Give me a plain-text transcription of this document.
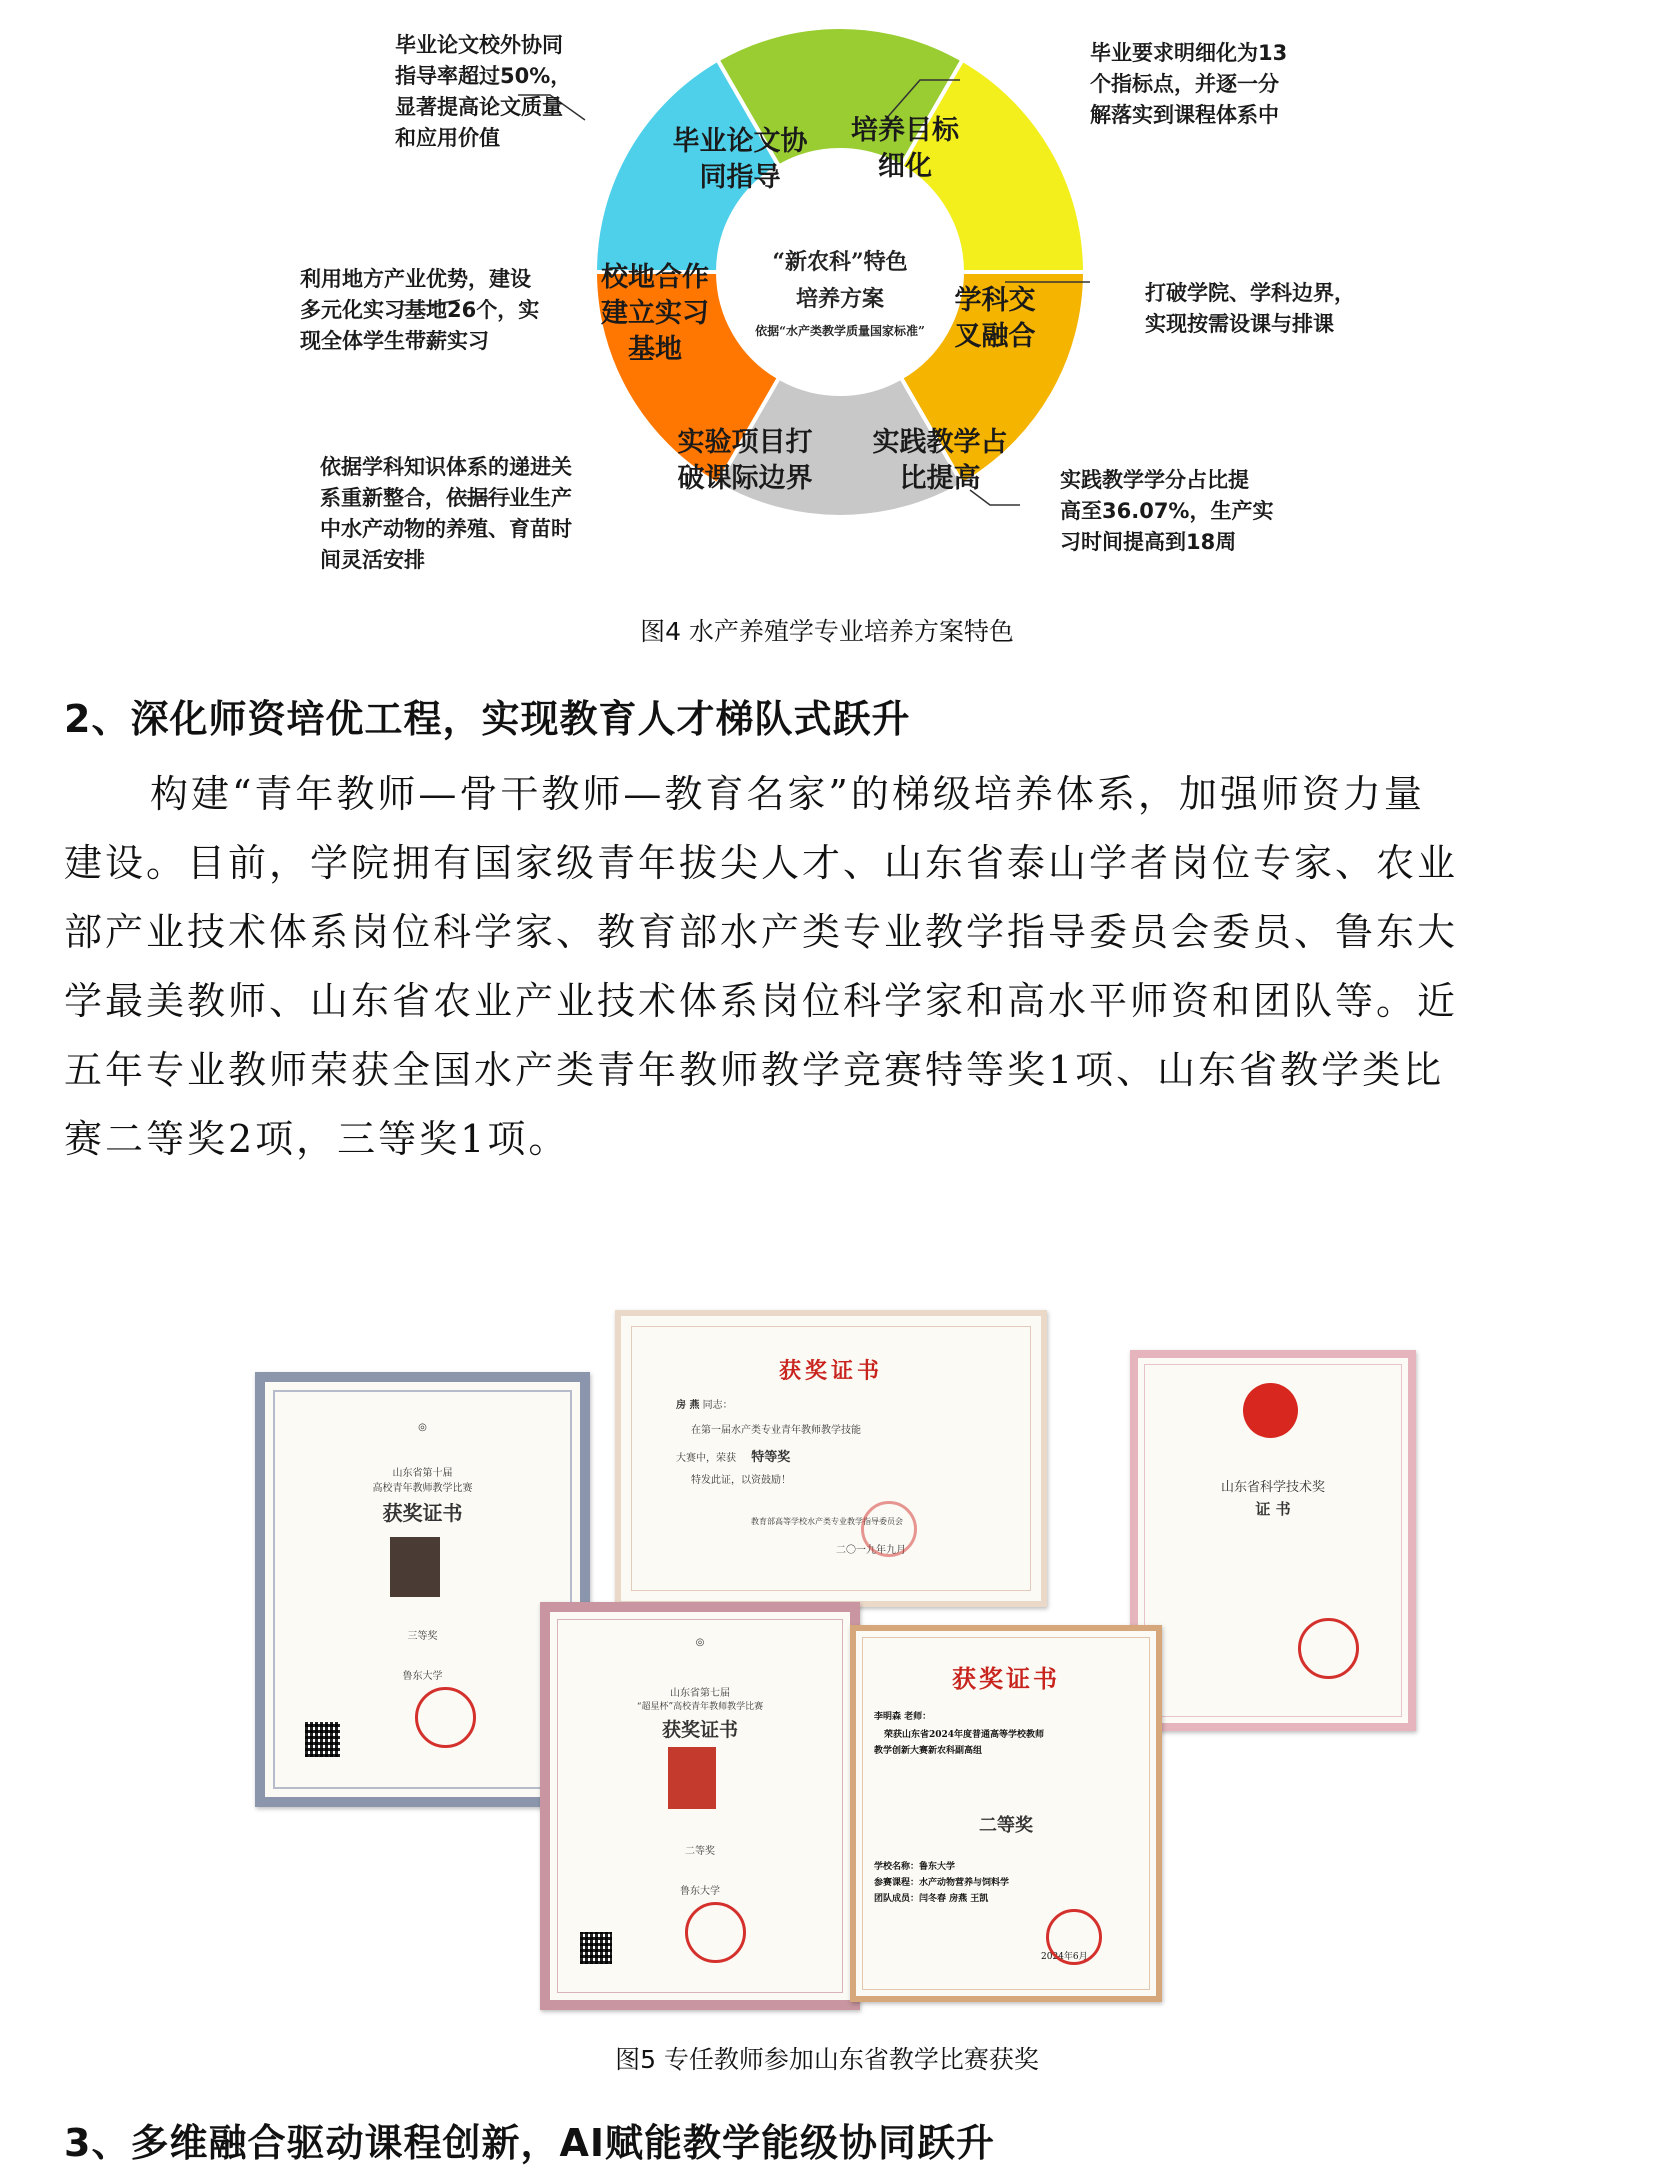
毕业论文协
同指导
培养目标
细化
学科交
叉融合
实践教学占
比提高
实验项目打
破课际边界
校地合作
建立实习
基地
“新农科”特色
培养方案
依据“水产类教学质量国家标准”
毕业论文校外协同
指导率超过50%，
显著提高论文质量
和应用价值
毕业要求明细化为13
个指标点，并逐一分
解落实到课程体系中
利用地方产业优势，建设
多元化实习基地26个，实
现全体学生带薪实习
打破学院、学科边界，
实现按需设课与排课
依据学科知识体系的递进关
系重新整合，依据行业生产
中水产动物的养殖、育苗时
间灵活安排
实践教学学分占比提
高至36.07%，生产实
习时间提高到18周
图4 水产养殖学专业培养方案特色
2、深化师资培优工程，实现教育人才梯队式跃升
构建“青年教师—骨干教师—教育名家”的梯级培养体系，加强师资力量
建设。目前，学院拥有国家级青年拔尖人才、山东省泰山学者岗位专家、农业
部产业技术体系岗位科学家、教育部水产类专业教学指导委员会委员、鲁东大
学最美教师、山东省农业产业技术体系岗位科学家和高水平师资和团队等。近
五年专业教师荣获全国水产类青年教师教学竞赛特等奖1项、山东省教学类比
赛二等奖2项，三等奖1项。
◎
山东省第十届
高校青年教师教学比赛
获奖证书
三等奖
鲁东大学
获奖证书
房 燕 同志：
在第一届水产类专业青年教师教学技能
大赛中，荣获 特等奖
特发此证，以资鼓励！
教育部高等学校水产类专业教学指导委员会
二〇一九年九月
山东省科学技术奖
证 书
◎
山东省第七届
“超星杯”高校青年教师教学比赛
获奖证书
二等奖
鲁东大学
获奖证书
李明森 老师：
荣获山东省2024年度普通高等学校教师
教学创新大赛新农科副高组
二等奖
学校名称：鲁东大学
参赛课程：水产动物营养与饲料学
团队成员：闫冬春 房燕 王凯
2024年6月
图5 专任教师参加山东省教学比赛获奖
3、多维融合驱动课程创新，AI赋能教学能级协同跃升
